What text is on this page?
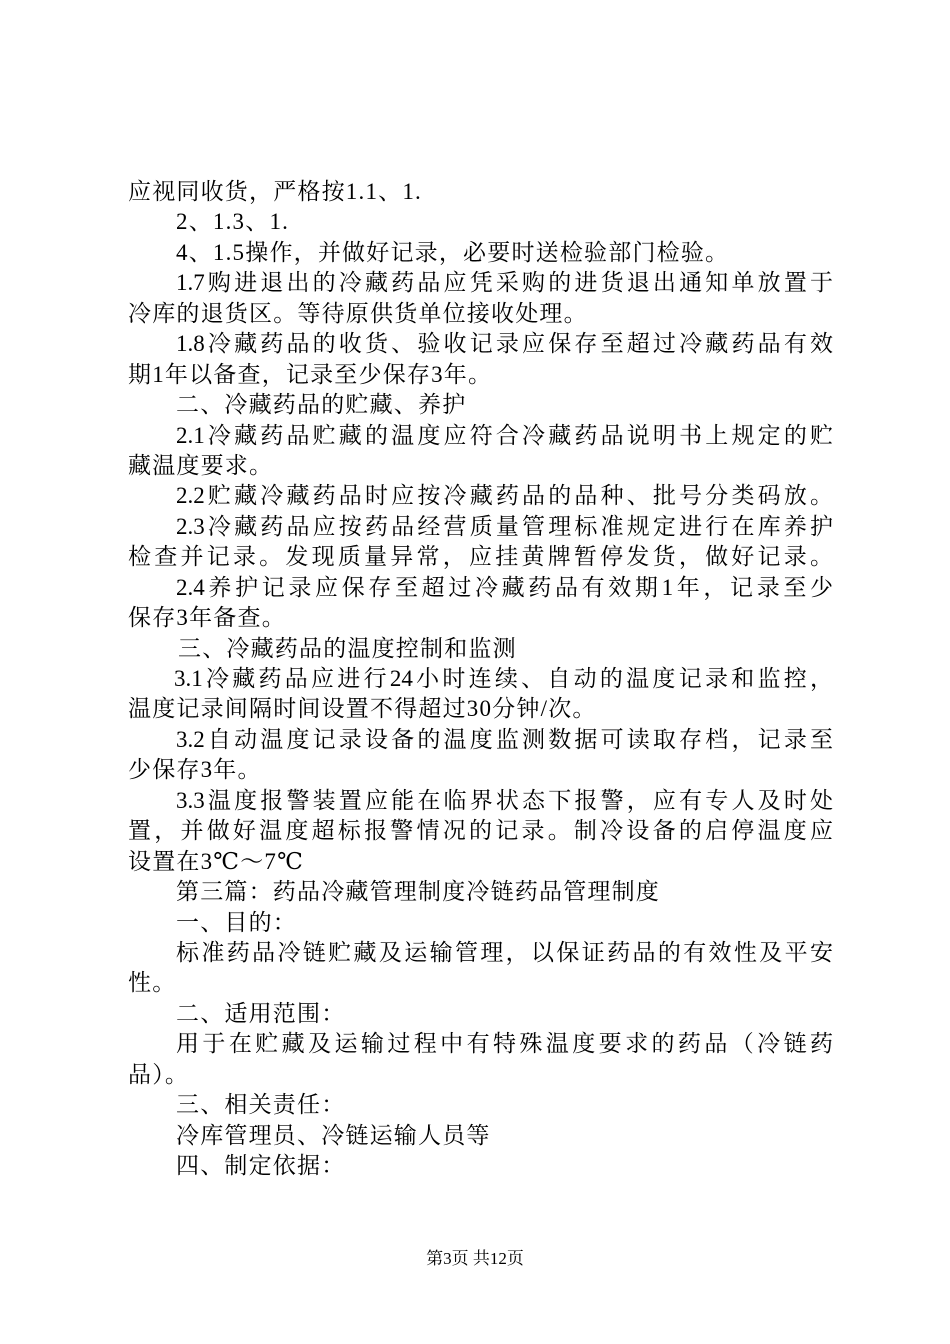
应视同收货，严格按1.1、1.
2、1.3、1.
4、1.5操作，并做好记录，必要时送检验部门检验。
1.7购进退出的冷藏药品应凭采购的进货退出通知单放置于
冷库的退货区。等待原供货单位接收处理。
1.8冷藏药品的收货、验收记录应保存至超过冷藏药品有效
期1年以备查，记录至少保存3年。
二、冷藏药品的贮藏、养护
2.1冷藏药品贮藏的温度应符合冷藏药品说明书上规定的贮
藏温度要求。
2.2贮藏冷藏药品时应按冷藏药品的品种、批号分类码放。
2.3冷藏药品应按药品经营质量管理标准规定进行在库养护
检查并记录。发现质量异常，应挂黄牌暂停发货，做好记录。
2.4养护记录应保存至超过冷藏药品有效期1年，记录至少
保存3年备查。
三、冷藏药品的温度控制和监测
3.1冷藏药品应进行24小时连续、自动的温度记录和监控，
温度记录间隔时间设置不得超过30分钟/次。
3.2自动温度记录设备的温度监测数据可读取存档，记录至
少保存3年。
3.3温度报警装置应能在临界状态下报警，应有专人及时处
置，并做好温度超标报警情况的记录。制冷设备的启停温度应
设置在3℃～7℃
第三篇：药品冷藏管理制度冷链药品管理制度
一、目的：
标准药品冷链贮藏及运输管理，以保证药品的有效性及平安
性。
二、适用范围：
用于在贮藏及运输过程中有特殊温度要求的药品（冷链药
品）。
三、相关责任：
冷库管理员、冷链运输人员等
四、制定依据：
第3页 共12页
